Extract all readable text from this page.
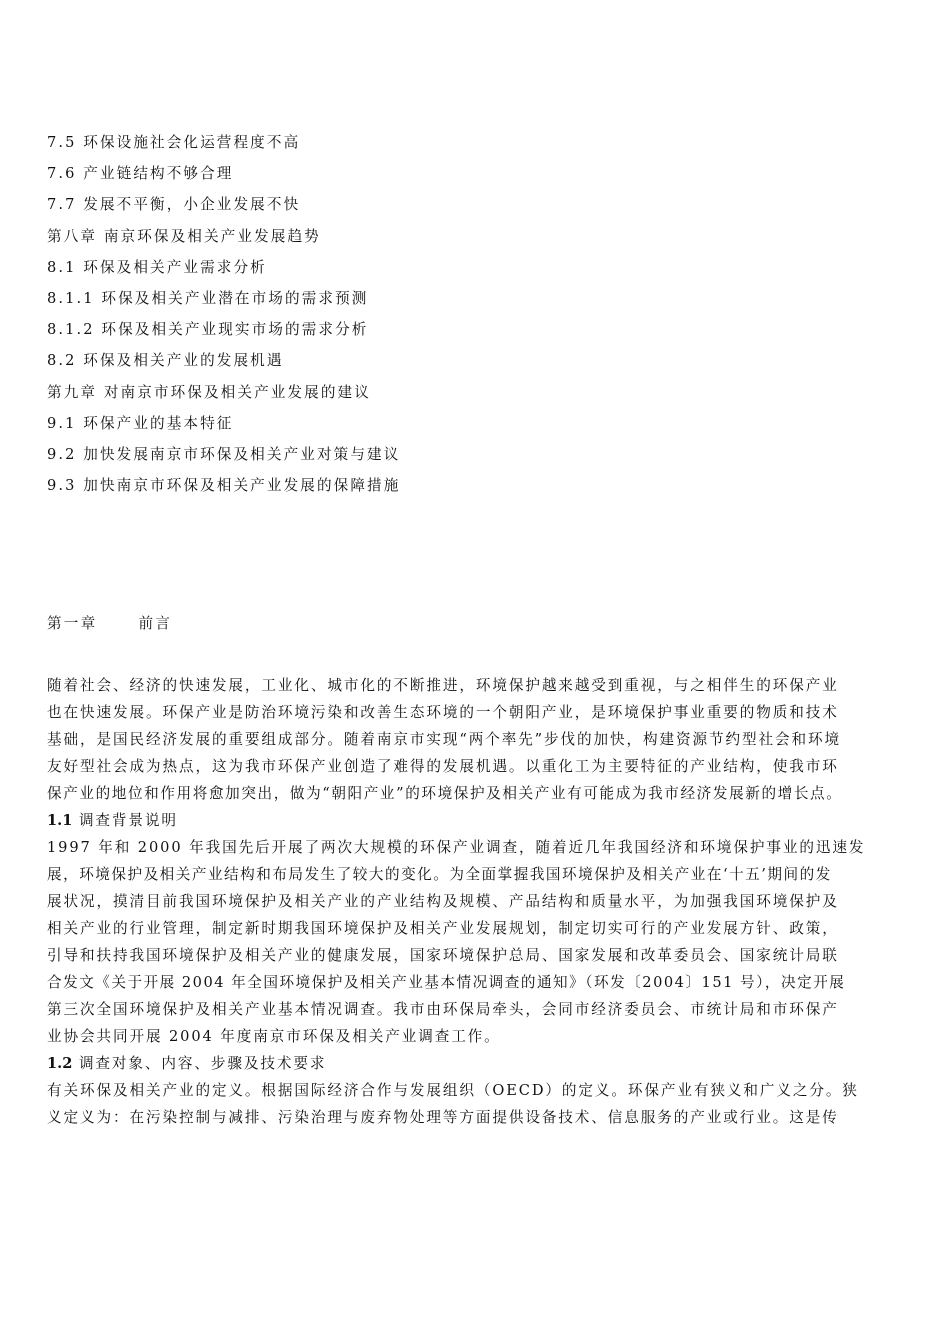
7.5 环保设施社会化运营程度不高
7.6 产业链结构不够合理
7.7 发展不平衡，小企业发展不快
第八章 南京环保及相关产业发展趋势
8.1 环保及相关产业需求分析
8.1.1 环保及相关产业潜在市场的需求预测
8.1.2 环保及相关产业现实市场的需求分析
8.2 环保及相关产业的发展机遇
第九章 对南京市环保及相关产业发展的建议
9.1 环保产业的基本特征
9.2 加快发展南京市环保及相关产业对策与建议
9.3 加快南京市环保及相关产业发展的保障措施
第一章	前言
随着社会、经济的快速发展，工业化、城市化的不断推进，环境保护越来越受到重视，与之相伴生的环保产业
也在快速发展。环保产业是防治环境污染和改善生态环境的一个朝阳产业，是环境保护事业重要的物质和技术
基础，是国民经济发展的重要组成部分。随着南京市实现“两个率先”步伐的加快，构建资源节约型社会和环境
友好型社会成为热点，这为我市环保产业创造了难得的发展机遇。以重化工为主要特征的产业结构，使我市环
保产业的地位和作用将愈加突出，做为“朝阳产业”的环境保护及相关产业有可能成为我市经济发展新的增长点。
1.1 调查背景说明
1997 年和 2000 年我国先后开展了两次大规模的环保产业调查，随着近几年我国经济和环境保护事业的迅速发
展，环境保护及相关产业结构和布局发生了较大的变化。为全面掌握我国环境保护及相关产业在‘十五’期间的发
展状况，摸清目前我国环境保护及相关产业的产业结构及规模、产品结构和质量水平，为加强我国环境保护及
相关产业的行业管理，制定新时期我国环境保护及相关产业发展规划，制定切实可行的产业发展方针、政策，
引导和扶持我国环境保护及相关产业的健康发展，国家环境保护总局、国家发展和改革委员会、国家统计局联
合发文《关于开展 2004 年全国环境保护及相关产业基本情况调查的通知》（环发〔2004〕151 号），决定开展
第三次全国环境保护及相关产业基本情况调查。我市由环保局牵头，会同市经济委员会、市统计局和市环保产
业协会共同开展 2004 年度南京市环保及相关产业调查工作。
1.2 调查对象、内容、步骤及技术要求
有关环保及相关产业的定义。根据国际经济合作与发展组织（OECD）的定义。环保产业有狭义和广义之分。狭
义定义为：在污染控制与减排、污染治理与废弃物处理等方面提供设备技术、信息服务的产业或行业。这是传
